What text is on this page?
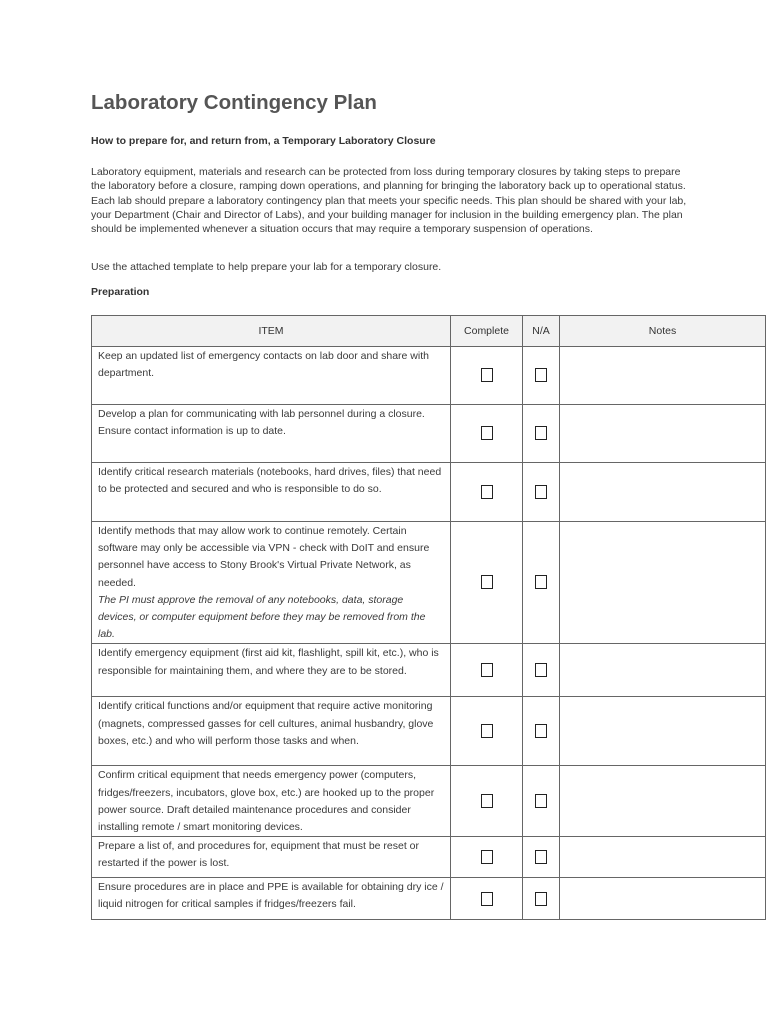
Laboratory Contingency Plan

How to prepare for, and return from, a Temporary Laboratory Closure

Laboratory equipment, materials and research can be protected from loss during temporary closures by taking steps to prepare the laboratory before a closure, ramping down operations, and planning for bringing the laboratory back up to operational status. Each lab should prepare a laboratory contingency plan that meets your specific needs. This plan should be shared with your lab, your Department (Chair and Director of Labs), and your building manager for inclusion in the building emergency plan. The plan should be implemented whenever a situation occurs that may require a temporary suspension of operations.

Use the attached template to help prepare your lab for a temporary closure.

Preparation

ITEM	Complete	N/A	Notes
Keep an updated list of emergency contacts on lab door and share with department.			
Develop a plan for communicating with lab personnel during a closure. Ensure contact information is up to date.			
Identify critical research materials (notebooks, hard drives, files) that need to be protected and secured and who is responsible to do so.			
Identify methods that may allow work to continue remotely. Certain software may only be accessible via VPN - check with DoIT and ensure personnel have access to Stony Brook's Virtual Private Network, as needed.
The PI must approve the removal of any notebooks, data, storage devices, or computer equipment before they may be removed from the lab.			

Identify emergency equipment (first aid kit, flashlight, spill kit, etc.), who is responsible for maintaining them, and where they are to be stored.			
Identify critical functions and/or equipment that require active monitoring (magnets, compressed gasses for cell cultures, animal husbandry, glove boxes, etc.) and who will perform those tasks and when.			
Confirm critical equipment that needs emergency power (computers, fridges/freezers, incubators, glove box, etc.) are hooked up to the proper power source. Draft detailed maintenance procedures and consider installing remote / smart monitoring devices.			
Prepare a list of, and procedures for, equipment that must be reset or restarted if the power is lost.			
Ensure procedures are in place and PPE is available for obtaining dry ice / liquid nitrogen for critical samples if fridges/freezers fail.			
